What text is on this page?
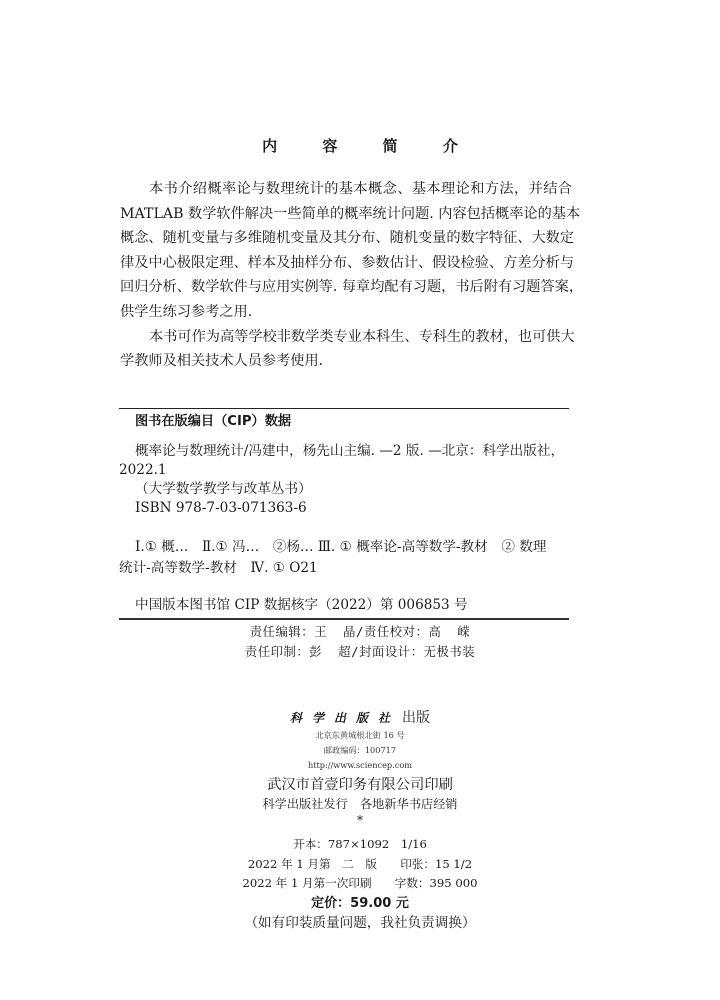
内 容 简 介

本书介绍概率论与数理统计的基本概念、基本理论和方法，并结合

MATLAB 数学软件解决一些简单的概率统计问题. 内容包括概率论的基本
概念、随机变量与多维随机变量及其分布、随机变量的数字特征、大数定
律及中心极限定理、样本及抽样分布、参数估计、假设检验、方差分析与
回归分析、数学软件与应用实例等. 每章均配有习题，书后附有习题答案，
供学生练习参考之用.

本书可作为高等学校非数学类专业本科生、专科生的教材，也可供大

学教师及相关技术人员参考使用.

图书在版编目（CIP）数据
概率论与数理统计/冯建中，杨先山主编. —2 版. —北京：科学出版社，
2022.1
（大学数学教学与改革丛书）
ISBN 978-7-03-071363-6
Ⅰ.① 概…　Ⅱ.① 冯…　②杨… Ⅲ. ① 概率论-高等数学-教材　② 数理
统计-高等数学-教材　Ⅳ. ① O21
中国版本图书馆 CIP 数据核字（2022）第 006853 号
责任编辑：王  晶/责任校对：高  嵘
责任印制：彭  超/封面设计：无极书装
科学出版社 出版
北京东黄城根北街 16 号
邮政编码：100717
http://www.sciencep.com
武汉市首壹印务有限公司印刷
科学出版社发行　各地新华书店经销
*
开本：787×1092　1/16
2022 年 1 月第　二　版　　印张：15 1/2
2022 年 1 月第一次印刷　　字数：395 000
定价：59.00 元
（如有印装质量问题，我社负责调换）
